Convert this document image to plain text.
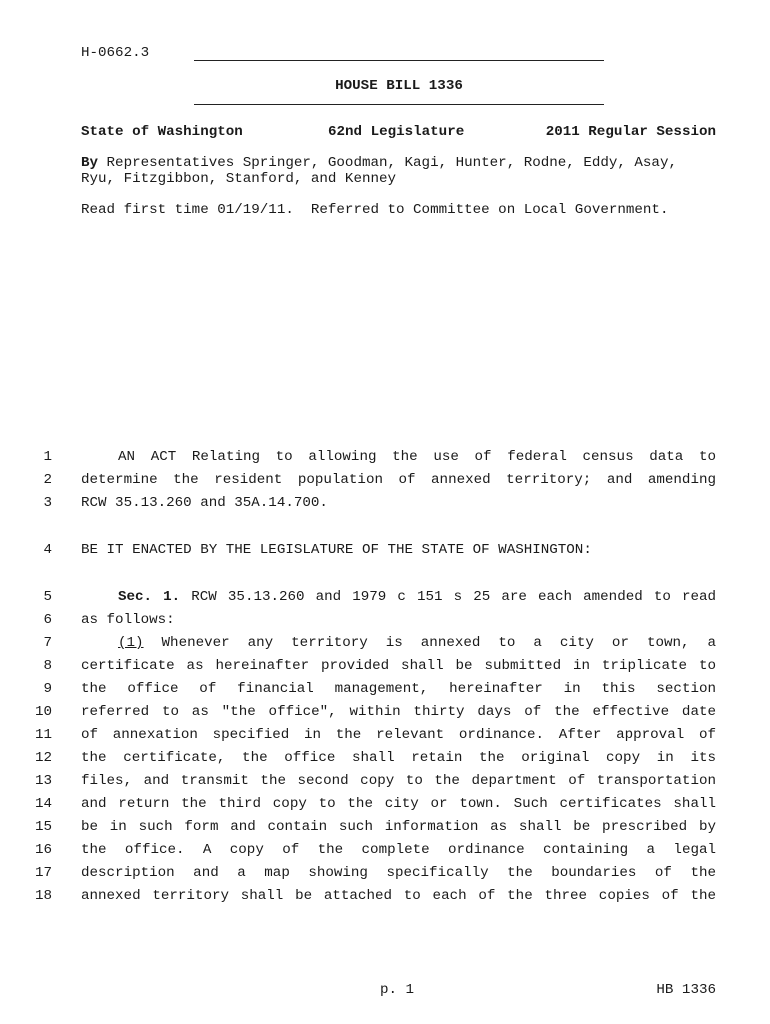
H-0662.3
HOUSE BILL 1336
State of Washington	62nd Legislature	2011 Regular Session
By Representatives Springer, Goodman, Kagi, Hunter, Rodne, Eddy, Asay,
Ryu, Fitzgibbon, Stanford, and Kenney
Read first time 01/19/11.  Referred to Committee on Local Government.
1	AN ACT Relating to allowing the use of federal census data to
2 determine the resident population of annexed territory; and amending
3 RCW 35.13.260 and 35A.14.700.
4 BE IT ENACTED BY THE LEGISLATURE OF THE STATE OF WASHINGTON:
5	Sec. 1. RCW 35.13.260 and 1979 c 151 s 25 are each amended to read
6 as follows:
7	(1) Whenever any territory is annexed to a city or town, a
8 certificate as hereinafter provided shall be submitted in triplicate to
9 the office of financial management, hereinafter in this section
10 referred to as "the office", within thirty days of the effective date
11 of annexation specified in the relevant ordinance. After approval of
12 the certificate, the office shall retain the original copy in its
13 files, and transmit the second copy to the department of transportation
14 and return the third copy to the city or town. Such certificates shall
15 be in such form and contain such information as shall be prescribed by
16 the office. A copy of the complete ordinance containing a legal
17 description and a map showing specifically the boundaries of the
18 annexed territory shall be attached to each of the three copies of the
p. 1	HB 1336
